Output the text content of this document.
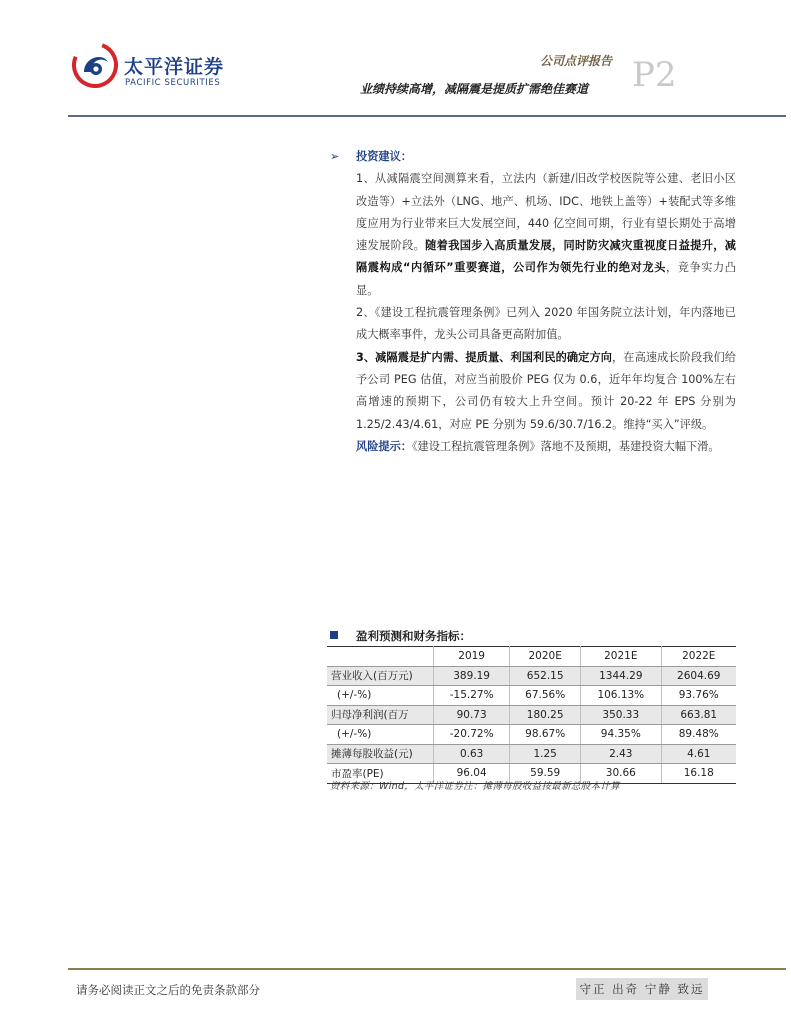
太平洋证券
PACIFIC SECURITIES
公司点评报告 P2
业绩持续高增，减隔震是提质扩需绝佳赛道

➢ 投资建议：

1、从减隔震空间测算来看，立法内（新建/旧改学校医院等公建、老旧小区改造等）+立法外（LNG、地产、机场、IDC、地铁上盖等）+装配式等多维度应用为行业带来巨大发展空间，440 亿空间可期，行业有望长期处于高增速发展阶段。随着我国步入高质量发展，同时防灾减灾重视度日益提升，减隔震构成“内循环”重要赛道，公司作为领先行业的绝对龙头，竞争实力凸显。

2、《建设工程抗震管理条例》已列入 2020 年国务院立法计划，年内落地已成大概率事件，龙头公司具备更高附加值。

3、减隔震是扩内需、提质量、利国利民的确定方向，在高速成长阶段我们给予公司 PEG 估值，对应当前股价 PEG 仅为 0.6，近年年均复合 100%左右高增速的预期下，公司仍有较大上升空间。预计 20-22 年 EPS 分别为 1.25/2.43/4.61，对应 PE 分别为 59.6/30.7/16.2。维持“买入”评级。

风险提示：《建设工程抗震管理条例》落地不及预期，基建投资大幅下滑。

盈利预测和财务指标：
	2019	2020E	2021E	2022E
营业收入(百万元)	389.19	652.15	1344.29	2604.69
(+/-%)	-15.27%	67.56%	106.13%	93.76%
归母净利润(百万	90.73	180.25	350.33	663.81
(+/-%)	-20.72%	98.67%	94.35%	89.48%
摊薄每股收益(元)	0.63	1.25	2.43	4.61
市盈率(PE)	96.04	59.59	30.66	16.18
资料来源：Wind，太平洋证券注：摊薄每股收益按最新总股本计算
请务必阅读正文之后的免责条款部分	守正 出奇 宁静 致远
